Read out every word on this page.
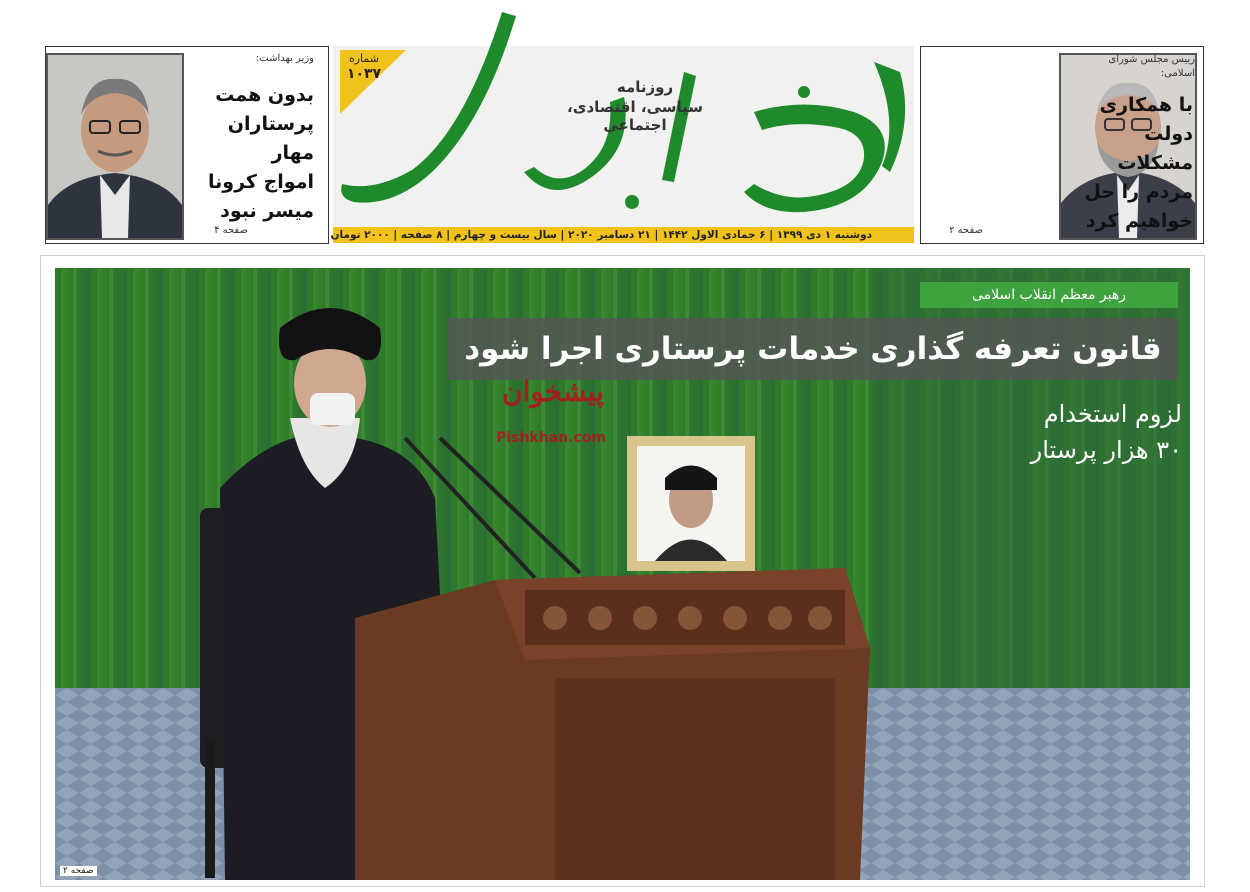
وزیر بهداشت:
بدون همت
پرستاران مهار
امواج کرونا
میسر نبود
صفحه ۴
شماره
۱۰۳۷
روزنامه
سیاسی، اقتصادی، اجتماعی
دوشنبه ۱ دی ۱۳۹۹ | ۶ جمادی الاول ۱۴۴۲ | ۲۱ دسامبر ۲۰۲۰ | سال بیست و چهارم | ۸ صفحه | ۲۰۰۰ تومان
رییس مجلس شورای اسلامی:
با همکاری
دولت مشکلات
مردم را حل
خواهیم کرد
صفحه ۲
رهبر معظم انقلاب اسلامی
قانون تعرفه گذاری خدمات پرستاری اجرا شود
لزوم استخدام
۳۰ هزار پرستار
پیشخوان
Pishkhan.com
صفحه ۲
